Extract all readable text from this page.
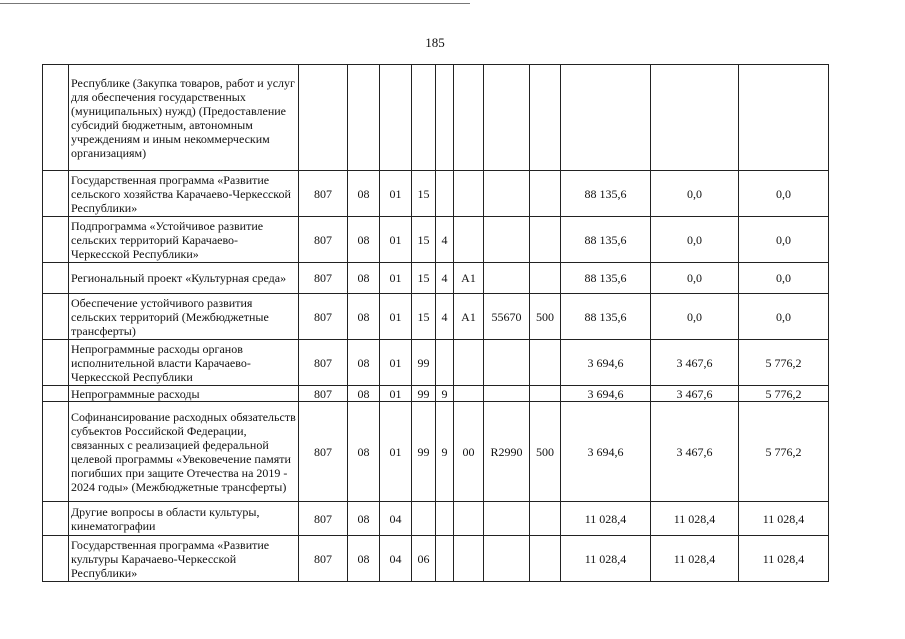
185
	Республике (Закупка товаров, работ и услуг для обеспечения государственных (муниципальных) нужд) (Предоставление субсидий бюджетным, автономным учреждениям и иным некоммерческим организациям)											
	Государственная программа «Развитие сельского хозяйства Карачаево-Черкесской Республики»	807	08	01	15					88 135,6	0,0	0,0
	Подпрограмма «Устойчивое развитие сельских территорий Карачаево-Черкесской Республики»	807	08	01	15	4				88 135,6	0,0	0,0
	Региональный проект «Культурная среда»	807	08	01	15	4	A1			88 135,6	0,0	0,0
	Обеспечение устойчивого развития сельских территорий (Межбюджетные трансферты)	807	08	01	15	4	A1	55670	500	88 135,6	0,0	0,0
	Непрограммные расходы органов исполнительной власти Карачаево-Черкесской Республики	807	08	01	99					3 694,6	3 467,6	5 776,2
	Непрограммные расходы	807	08	01	99	9				3 694,6	3 467,6	5 776,2
	Софинансирование расходных обязательств субъектов Российской Федерации, связанных с реализацией федеральной целевой программы «Увековечение памяти погибших при защите Отечества на 2019 - 2024 годы» (Межбюджетные трансферты)	807	08	01	99	9	00	R2990	500	3 694,6	3 467,6	5 776,2
	Другие вопросы в области культуры, кинематографии	807	08	04						11 028,4	11 028,4	11 028,4
	Государственная программа «Развитие культуры Карачаево-Черкесской Республики»	807	08	04	06					11 028,4	11 028,4	11 028,4
